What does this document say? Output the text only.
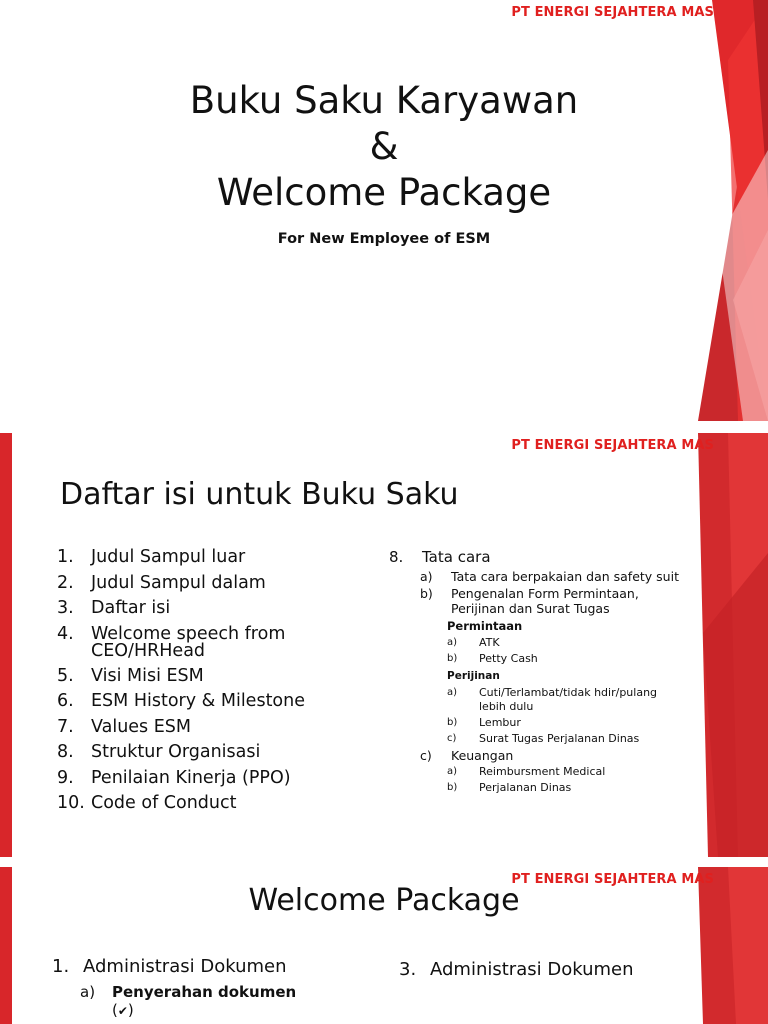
PT ENERGI SEJAHTERA MAS
Buku Saku Karyawan
&
Welcome Package
For New Employee of ESM
PT ENERGI SEJAHTERA MAS
Daftar isi untuk Buku Saku
1. Judul Sampul luar
2. Judul Sampul dalam
3. Daftar isi
4. Welcome speech from CEO/HRHead
5. Visi Misi ESM
6. ESM History & Milestone
7. Values ESM
8. Struktur Organisasi
9. Penilaian Kinerja (PPO)
10. Code of Conduct
8.	Tata cara
a)	Tata cara berpakaian dan safety suit
b)	Pengenalan Form Permintaan, Perijinan dan Surat Tugas
Permintaan
a)	ATK
b)	Petty Cash
Perijinan
a)	Cuti/Terlambat/tidak hdir/pulang lebih dulu
b)	Lembur
c)	Surat Tugas Perjalanan Dinas
c)	Keuangan
a)	Reimbursment Medical
b)	Perjalanan Dinas
PT ENERGI SEJAHTERA MAS
Welcome Package
1. Administrasi Dokumen
a)	Penyerahan dokumen
(✔)
3. Administrasi Dokumen
